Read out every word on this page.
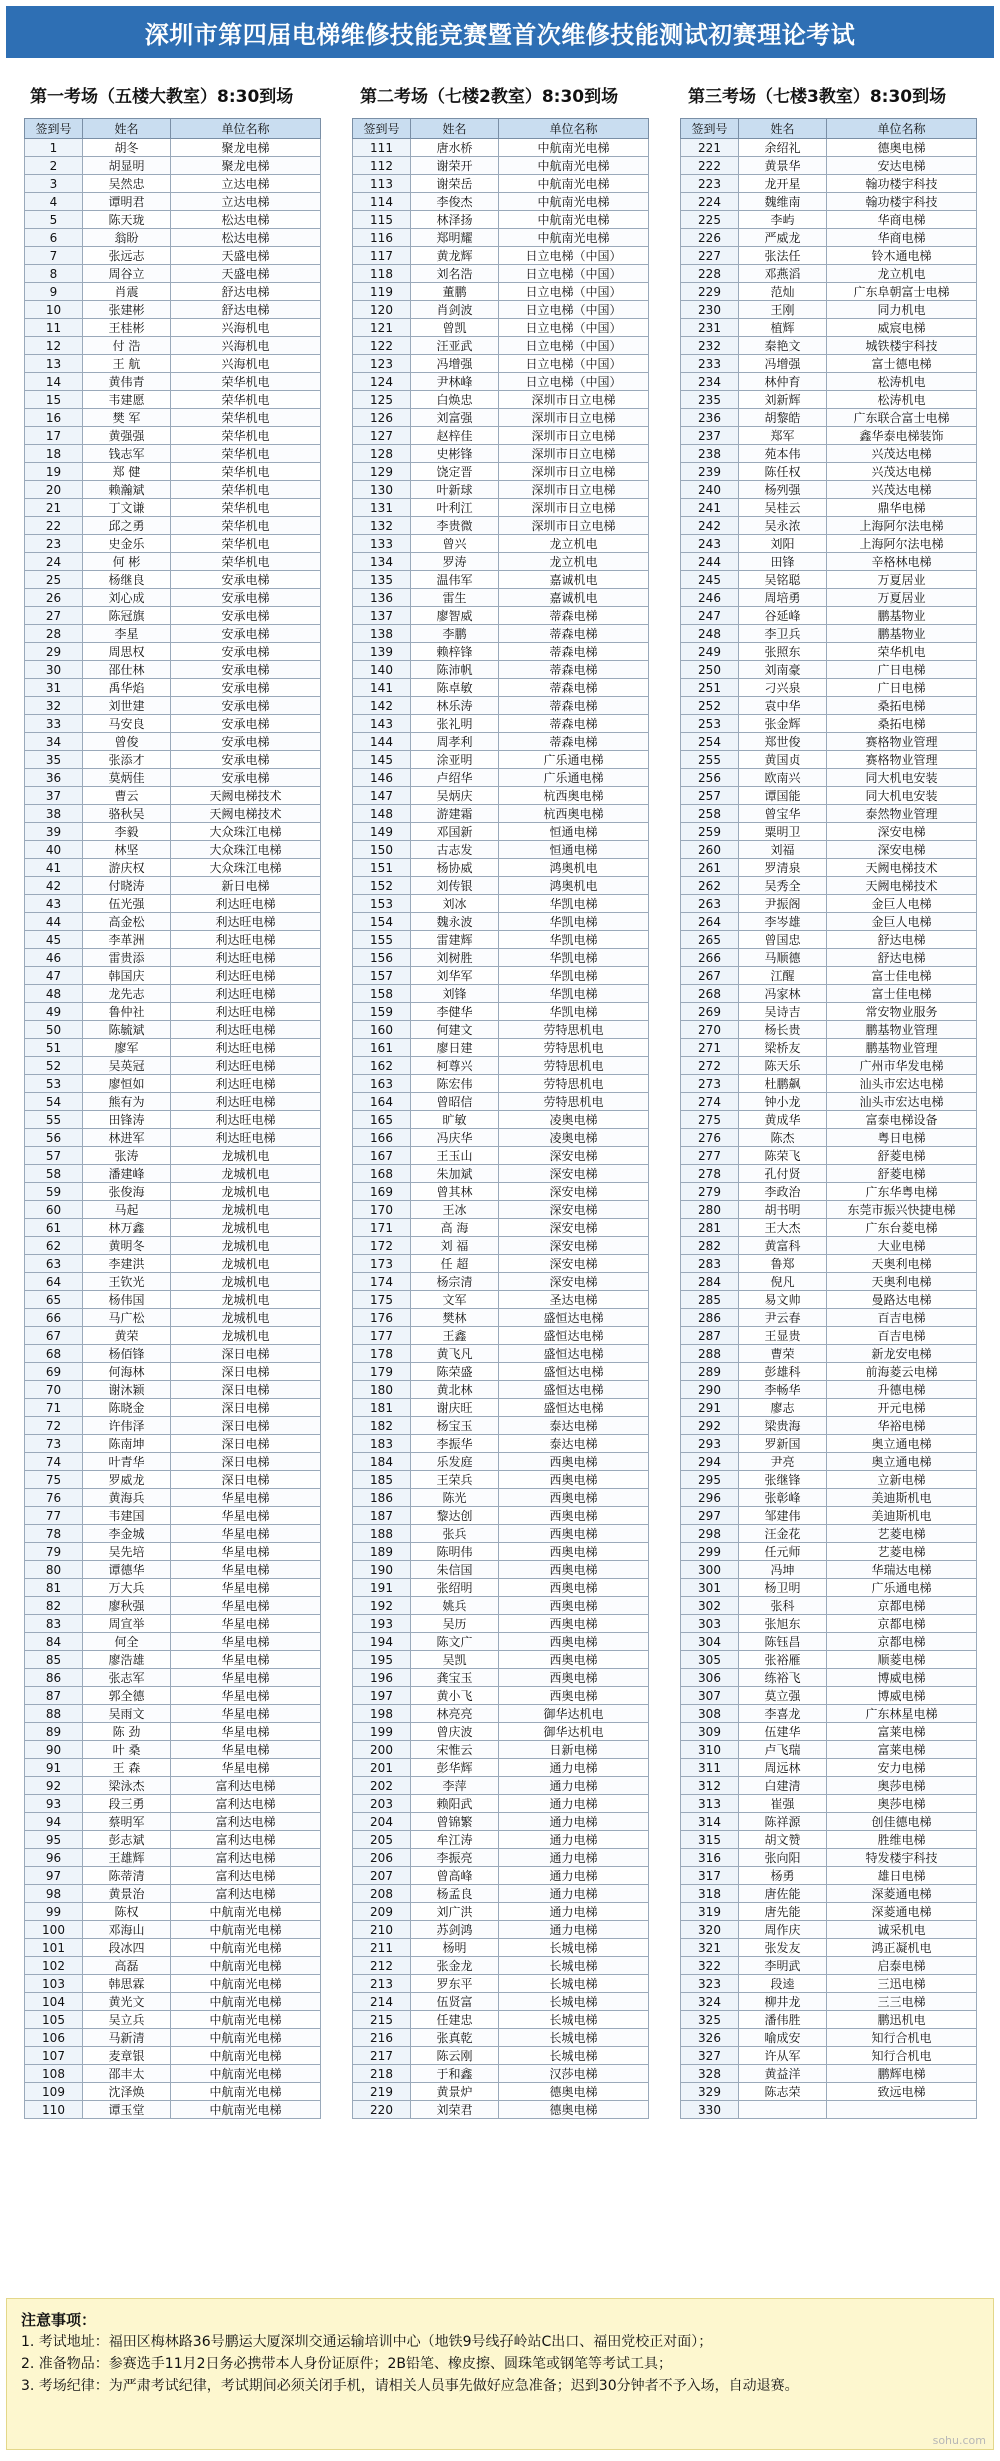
深圳市第四届电梯维修技能竞赛暨首次维修技能测试初赛理论考试
第一考场（五楼大教室）8:30到场	第二考场（七楼2教室）8:30到场	第三考场（七楼3教室）8:30到场
签到号	姓名	单位名称
1	胡冬	聚龙电梯
2	胡显明	聚龙电梯
3	吴然忠	立达电梯
4	谭明君	立达电梯
5	陈天珑	松达电梯
6	翁盼	松达电梯
7	张远志	天盛电梯
8	周谷立	天盛电梯
9	肖震	舒达电梯
10	张建彬	舒达电梯
11	王桂彬	兴海机电
12	付 浩	兴海机电
13	王 航	兴海机电
14	黄伟青	荣华机电
15	韦建愿	荣华机电
16	樊 军	荣华机电
17	黄强强	荣华机电
18	钱志军	荣华机电
19	郑 健	荣华机电
20	赖瀚斌	荣华机电
21	丁文谦	荣华机电
22	邱之勇	荣华机电
23	史金乐	荣华机电
24	何 彬	荣华机电
25	杨继良	安承电梯
26	刘心成	安承电梯
27	陈冠旗	安承电梯
28	李星	安承电梯
29	周思权	安承电梯
30	邵仕林	安承电梯
31	禹华焰	安承电梯
32	刘世建	安承电梯
33	马安良	安承电梯
34	曾俊	安承电梯
35	张添才	安承电梯
36	莫炳佳	安承电梯
37	曹云	天阙电梯技术
38	骆秋吴	天阙电梯技术
39	李毅	大众珠江电梯
40	林坚	大众珠江电梯
41	游庆权	大众珠江电梯
42	付晓涛	新日电梯
43	伍光强	利达旺电梯
44	高金松	利达旺电梯
45	李革洲	利达旺电梯
46	雷贵添	利达旺电梯
47	韩国庆	利达旺电梯
48	龙先志	利达旺电梯
49	鲁仲社	利达旺电梯
50	陈毓斌	利达旺电梯
51	廖军	利达旺电梯
52	吴英冠	利达旺电梯
53	廖恒如	利达旺电梯
54	熊有为	利达旺电梯
55	田锋涛	利达旺电梯
56	林进军	利达旺电梯
57	张涛	龙城机电
58	潘建峰	龙城机电
59	张俊海	龙城机电
60	马起	龙城机电
61	林万鑫	龙城机电
62	黄明冬	龙城机电
63	李建洪	龙城机电
64	王钦光	龙城机电
65	杨伟国	龙城机电
66	马广松	龙城机电
67	黄荣	龙城机电
68	杨佰锋	深日电梯
69	何海林	深日电梯
70	谢沐颖	深日电梯
71	陈晓金	深日电梯
72	许伟泽	深日电梯
73	陈南坤	深日电梯
74	叶青华	深日电梯
75	罗威龙	深日电梯
76	黄海兵	华星电梯
77	韦建国	华星电梯
78	李金城	华星电梯
79	吴先培	华星电梯
80	谭德华	华星电梯
81	万大兵	华星电梯
82	廖秋强	华星电梯
83	周宣举	华星电梯
84	何全	华星电梯
85	廖浩雄	华星电梯
86	张志军	华星电梯
87	郭全德	华星电梯
88	吴雨文	华星电梯
89	陈 劲	华星电梯
90	叶 桑	华星电梯
91	王 森	华星电梯
92	梁泳杰	富利达电梯
93	段三勇	富利达电梯
94	蔡明军	富利达电梯
95	彭志斌	富利达电梯
96	王雄辉	富利达电梯
97	陈蒂清	富利达电梯
98	黄景治	富利达电梯
99	陈权	中航南光电梯
100	邓海山	中航南光电梯
101	段冰四	中航南光电梯
102	高磊	中航南光电梯
103	韩思霖	中航南光电梯
104	黄光文	中航南光电梯
105	吴立兵	中航南光电梯
106	马新清	中航南光电梯
107	麦章银	中航南光电梯
108	邵丰太	中航南光电梯
109	沈泽焕	中航南光电梯
110	谭玉堂	中航南光电梯
签到号	姓名	单位名称
111	唐水桥	中航南光电梯
112	谢荣开	中航南光电梯
113	谢荣岳	中航南光电梯
114	李俊杰	中航南光电梯
115	林泽扬	中航南光电梯
116	郑明耀	中航南光电梯
117	黄龙辉	日立电梯（中国）
118	刘名浩	日立电梯（中国）
119	董鹏	日立电梯（中国）
120	肖剑波	日立电梯（中国）
121	曾凯	日立电梯（中国）
122	汪亚武	日立电梯（中国）
123	冯增强	日立电梯（中国）
124	尹林峰	日立电梯（中国）
125	白焕忠	深圳市日立电梯
126	刘富强	深圳市日立电梯
127	赵梓佳	深圳市日立电梯
128	史彬锋	深圳市日立电梯
129	饶定晋	深圳市日立电梯
130	叶新球	深圳市日立电梯
131	叶利江	深圳市日立电梯
132	李贵微	深圳市日立电梯
133	曾兴	龙立机电
134	罗涛	龙立机电
135	温伟军	嘉诚机电
136	雷生	嘉诚机电
137	廖智威	蒂森电梯
138	李鹏	蒂森电梯
139	赖梓锋	蒂森电梯
140	陈沛帆	蒂森电梯
141	陈卓敏	蒂森电梯
142	林乐涛	蒂森电梯
143	张礼明	蒂森电梯
144	周孝利	蒂森电梯
145	涂亚明	广乐通电梯
146	卢绍华	广乐通电梯
147	吴炳庆	杭西奥电梯
148	游建霜	杭西奥电梯
149	邓国新	恒通电梯
150	古志发	恒通电梯
151	杨协威	鸿奥机电
152	刘传银	鸿奥机电
153	刘冰	华凯电梯
154	魏永波	华凯电梯
155	雷建辉	华凯电梯
156	刘树胜	华凯电梯
157	刘华军	华凯电梯
158	刘锋	华凯电梯
159	李健华	华凯电梯
160	何建文	劳特思机电
161	廖日建	劳特思机电
162	柯尊兴	劳特思机电
163	陈宏伟	劳特思机电
164	曾昭信	劳特思机电
165	旷敏	凌奥电梯
166	冯庆华	凌奥电梯
167	王玉山	深安电梯
168	朱加斌	深安电梯
169	曾其林	深安电梯
170	王冰	深安电梯
171	高 海	深安电梯
172	刘 福	深安电梯
173	任 超	深安电梯
174	杨宗清	深安电梯
175	文军	圣达电梯
176	樊林	盛恒达电梯
177	王鑫	盛恒达电梯
178	黄飞凡	盛恒达电梯
179	陈荣盛	盛恒达电梯
180	黄北林	盛恒达电梯
181	谢庆旺	盛恒达电梯
182	杨宝玉	泰达电梯
183	李振华	泰达电梯
184	乐发庭	西奥电梯
185	王荣兵	西奥电梯
186	陈光	西奥电梯
187	黎达创	西奥电梯
188	张兵	西奥电梯
189	陈明伟	西奥电梯
190	朱信国	西奥电梯
191	张绍明	西奥电梯
192	姚兵	西奥电梯
193	吴历	西奥电梯
194	陈文广	西奥电梯
195	吴凯	西奥电梯
196	龚宝玉	西奥电梯
197	黄小飞	西奥电梯
198	林亮亮	御华达机电
199	曾庆波	御华达机电
200	宋惟云	日新电梯
201	彭华辉	通力电梯
202	李萍	通力电梯
203	赖阳武	通力电梯
204	曾锦繁	通力电梯
205	牟江涛	通力电梯
206	李振亮	通力电梯
207	曾高峰	通力电梯
208	杨孟良	通力电梯
209	刘广洪	通力电梯
210	苏剑鸿	通力电梯
211	杨明	长城电梯
212	张金龙	长城电梯
213	罗东平	长城电梯
214	伍贤富	长城电梯
215	任建忠	长城电梯
216	张真乾	长城电梯
217	陈云刚	长城电梯
218	于和鑫	汉莎电梯
219	黄景炉	德奥电梯
220	刘荣君	德奥电梯
签到号	姓名	单位名称
221	余绍礼	德奥电梯
222	黄景华	安达电梯
223	龙开星	翰功楼宇科技
224	魏维南	翰功楼宇科技
225	李屿	华商电梯
226	严威龙	华商电梯
227	张法任	铃木通电梯
228	邓燕滔	龙立机电
229	范灿	广东阜朝富士电梯
230	王刚	同力机电
231	植辉	威宸电梯
232	秦艳文	城铁楼宇科技
233	冯增强	富士德电梯
234	林仲育	松涛机电
235	刘新辉	松涛机电
236	胡黎皓	广东联合富士电梯
237	郑军	鑫华泰电梯装饰
238	苑本伟	兴茂达电梯
239	陈任权	兴茂达电梯
240	杨列强	兴茂达电梯
241	吴桂云	鼎华电梯
242	吴永浓	上海阿尔法电梯
243	刘阳	上海阿尔法电梯
244	田锋	辛格林电梯
245	吴铭聪	万夏居业
246	周培勇	万夏居业
247	谷延峰	鹏基物业
248	李卫兵	鹏基物业
249	张照东	荣华机电
250	刘南豪	广日电梯
251	刁兴泉	广日电梯
252	袁中华	桑拓电梯
253	张金辉	桑拓电梯
254	郑世俊	赛格物业管理
255	黄国贞	赛格物业管理
256	欧南兴	同大机电安装
257	谭国能	同大机电安装
258	曾宝华	泰然物业管理
259	粟明卫	深安电梯
260	刘福	深安电梯
261	罗清泉	天阙电梯技术
262	吴秀全	天阙电梯技术
263	尹振阁	金巨人电梯
264	李岑雄	金巨人电梯
265	曾国忠	舒达电梯
266	马顺德	舒达电梯
267	江醒	富士佳电梯
268	冯家林	富士佳电梯
269	吴诗吉	常安物业服务
270	杨长贵	鹏基物业管理
271	梁桥友	鹏基物业管理
272	陈天乐	广州市华发电梯
273	杜鹏飙	汕头市宏达电梯
274	钟小龙	汕头市宏达电梯
275	黄成华	富泰电梯设备
276	陈杰	粤日电梯
277	陈荣飞	舒菱电梯
278	孔付贤	舒菱电梯
279	李政治	广东华粤电梯
280	胡书明	东莞市振兴快捷电梯
281	王大杰	广东台菱电梯
282	黄富科	大业电梯
283	鲁郑	天奥利电梯
284	倪凡	天奥利电梯
285	易文帅	曼路达电梯
286	尹云春	百吉电梯
287	王显贵	百吉电梯
288	曹荣	新龙安电梯
289	彭雄科	前海菱云电梯
290	李畅华	升德电梯
291	廖志	开元电梯
292	梁贵海	华裕电梯
293	罗新国	奥立通电梯
294	尹亮	奥立通电梯
295	张继锋	立新电梯
296	张彰峰	美迪斯机电
297	邹建伟	美迪斯机电
298	汪金花	艺菱电梯
299	任元师	艺菱电梯
300	冯坤	华瑞达电梯
301	杨卫明	广乐通电梯
302	张科	京都电梯
303	张旭东	京都电梯
304	陈钰昌	京都电梯
305	张裕雁	顺菱电梯
306	练裕飞	博威电梯
307	莫立强	博威电梯
308	李喜龙	广东林星电梯
309	伍建华	富莱电梯
310	卢飞瑞	富莱电梯
311	周远林	安力电梯
312	白建清	奥莎电梯
313	崔强	奥莎电梯
314	陈祥源	创佳德电梯
315	胡文赞	胜维电梯
316	张向阳	特发楼宇科技
317	杨勇	雄日电梯
318	唐佐能	深菱通电梯
319	唐先能	深菱通电梯
320	周作庆	诚采机电
321	张发友	鸿正凝机电
322	李明武	启泰电梯
323	段逵	三迅电梯
324	柳井龙	三三电梯
325	潘伟胜	鹏迅机电
326	喻成安	知行合机电
327	许从军	知行合机电
328	黄益洋	鹏辉电梯
329	陈志荣	致远电梯
330		
注意事项：
1. 考试地址：福田区梅林路36号鹏运大厦深圳交通运输培训中心（地铁9号线孖岭站C出口、福田党校正对面）；
2. 准备物品：参赛选手11月2日务必携带本人身份证原件；2B铅笔、橡皮擦、圆珠笔或钢笔等考试工具；
3. 考场纪律：为严肃考试纪律，考试期间必须关闭手机，请相关人员事先做好应急准备；迟到30分钟者不予入场，自动退赛。
sohu.com
